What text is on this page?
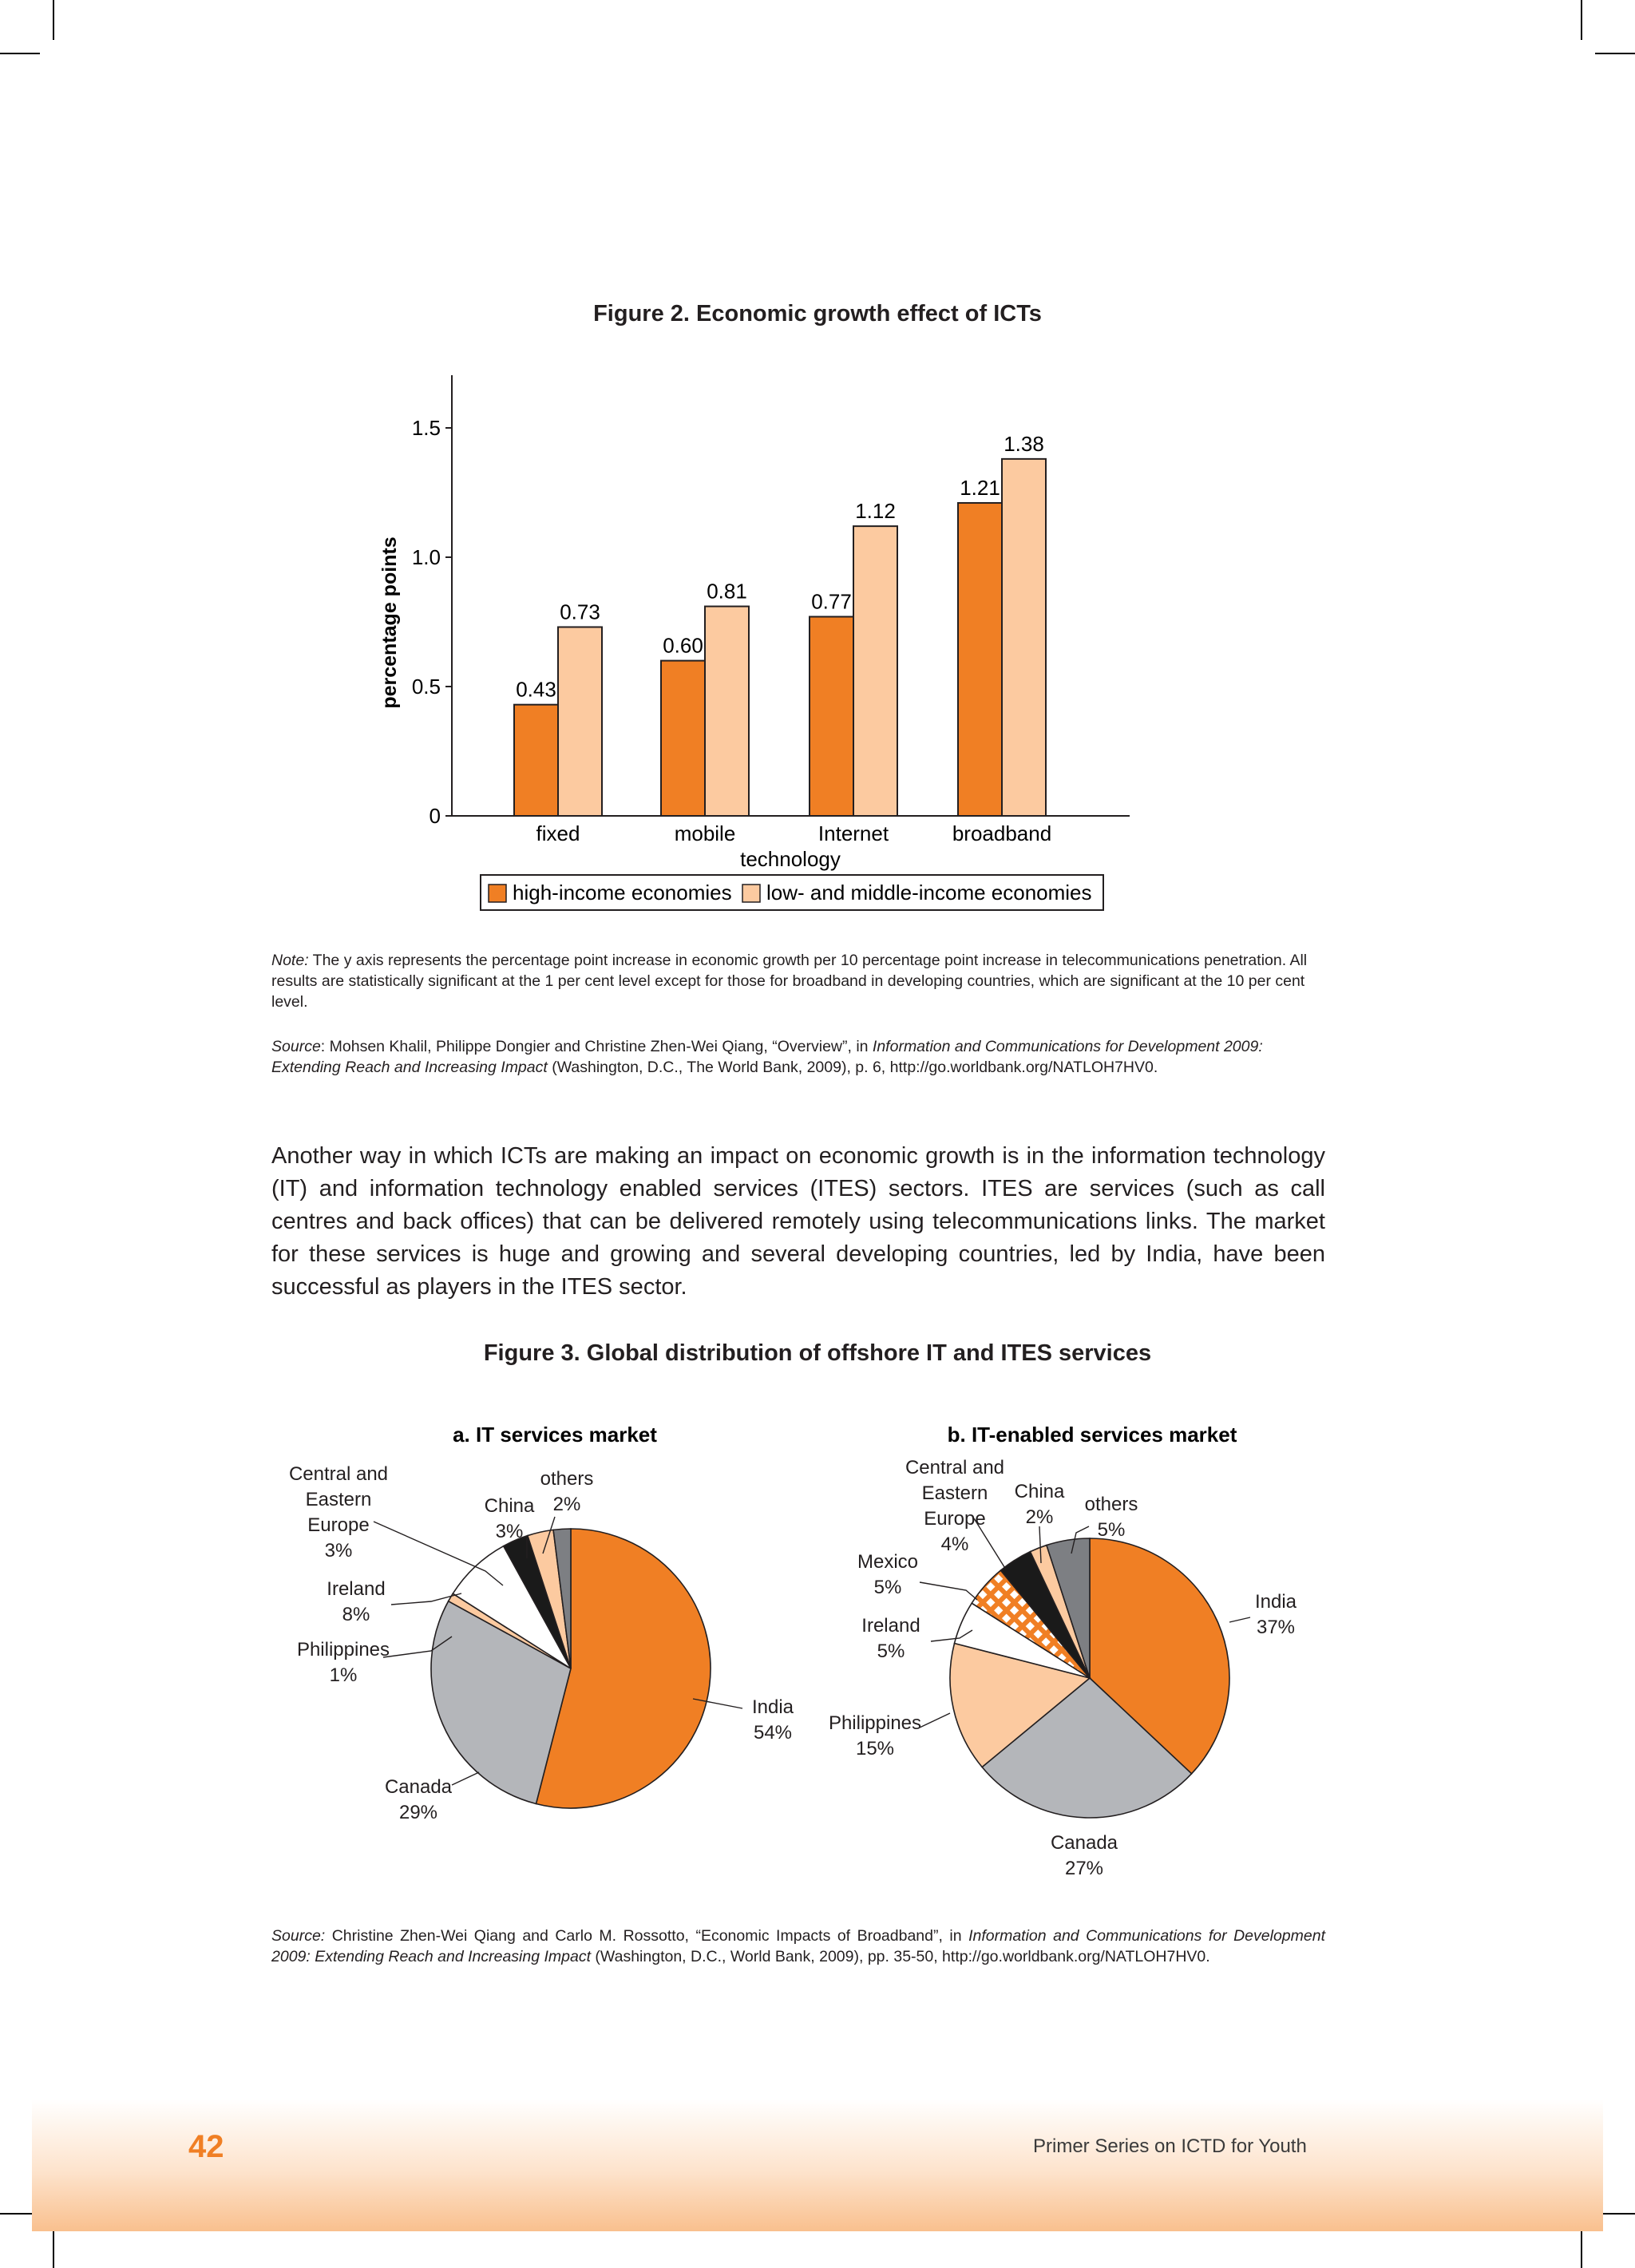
Figure 2. Economic growth effect of ICTs
percentage points
technology
0
0.5
1.0
1.5
0.43
0.73
0.60
0.81	0.77
1.12
1.21
1.38
fixed	mobile	Internet	broadband
high-income economies low- and middle-income economies
Note: The y axis represents the percentage point increase in economic growth per 10 percentage point increase in telecommunications penetration. All results are statistically significant at the 1 per cent level except for those for broadband in developing countries, which are significant at the 10 per cent level.
Source: Mohsen Khalil, Philippe Dongier and Christine Zhen-Wei Qiang, “Overview”, in Information and Communications for Development 2009: Extending Reach and Increasing Impact (Washington, D.C., The World Bank, 2009), p. 6, http://go.worldbank.org/NATLOH7HV0.
Another way in which ICTs are making an impact on economic growth is in the information technology (IT) and information technology enabled services (ITES) sectors. ITES are services (such as call centres and back offices) that can be delivered remotely using telecommunications links. The market for these services is huge and growing and several developing countries, led by India, have been successful as players in the ITES sector.
Figure 3. Global distribution of offshore IT and ITES services
a. IT services market
India
54%
Canada
29%
Philippines
1%
Ireland
8%
Central and
Eastern
Europe
3%
China
3%
others
2%
b. IT-enabled services market
India
37%
Canada
27%
Philippines
15%
Ireland
5%
Mexico
5%
Central and
Eastern
Europe
4%
China
2%
others
5%
Source: Christine Zhen-Wei Qiang and Carlo M. Rossotto, “Economic Impacts of Broadband”, in Information and Communications for Development 2009: Extending Reach and Increasing Impact (Washington, D.C., World Bank, 2009), pp. 35-50, http://go.worldbank.org/NATLOH7HV0.
42	Primer Series on ICTD for Youth
